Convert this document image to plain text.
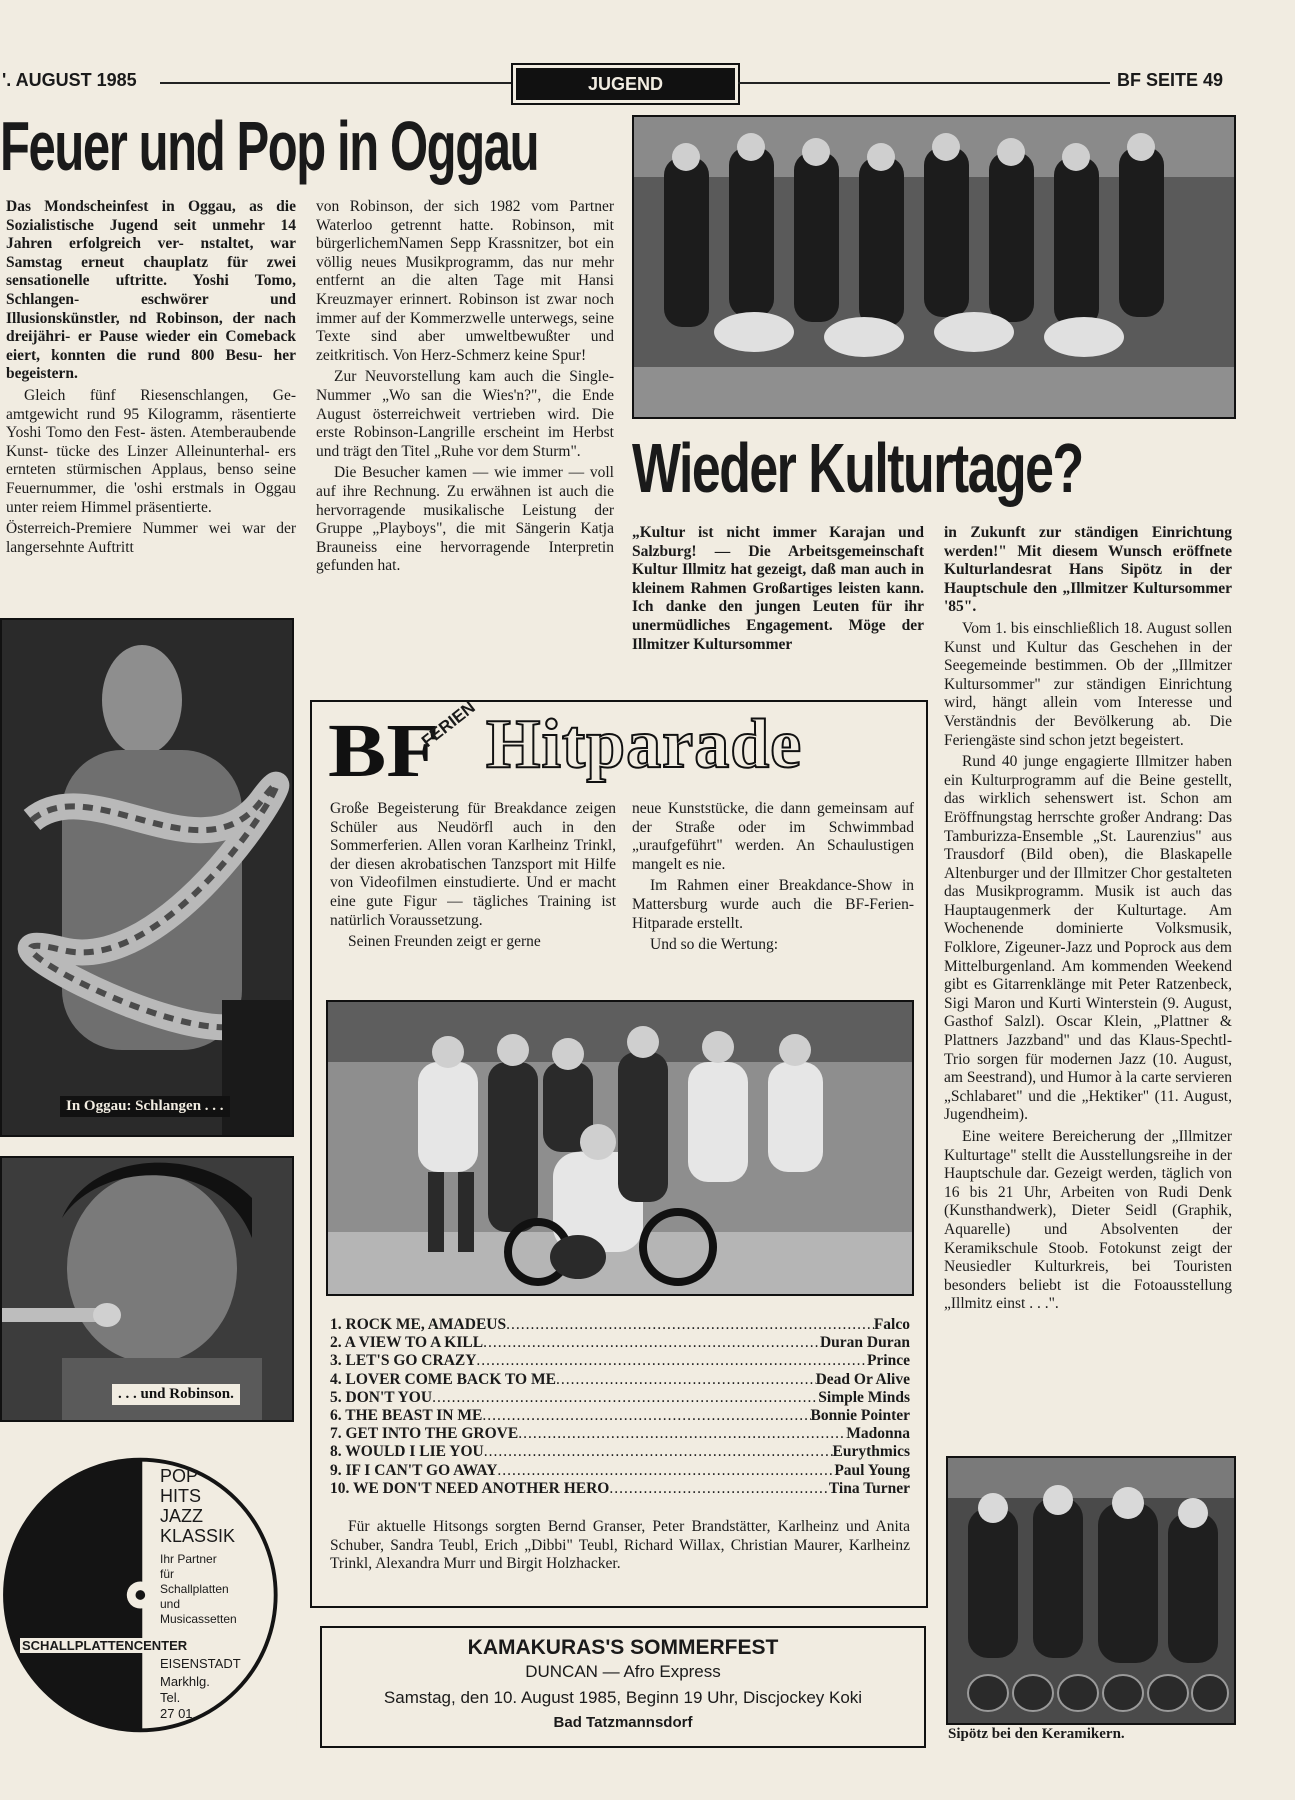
'. AUGUST 1985	JUGEND	BF SEITE 49
Feuer und Pop in Oggau

Das Mondscheinfest in Oggau, as die Sozialistische Jugend seit unmehr 14 Jahren erfolgreich ver- nstaltet, war Samstag erneut chauplatz für zwei sensationelle uftritte. Yoshi Tomo, Schlangen- eschwörer und Illusionskünstler, nd Robinson, der nach dreijähri- er Pause wieder ein Comeback eiert, konnten die rund 800 Besu- her begeistern.

Gleich fünf Riesenschlangen, Ge- amtgewicht rund 95 Kilogramm, räsentierte Yoshi Tomo den Fest- ästen. Atemberaubende Kunst- tücke des Linzer Alleinunterhal- ers ernteten stürmischen Applaus, benso seine Feuernummer, die 'oshi erstmals in Oggau unter reiem Himmel präsentierte.

Österreich-Premiere Nummer wei war der langersehnte Auftritt

von Robinson, der sich 1982 vom Partner Waterloo getrennt hatte. Robinson, mit bürgerlichemNamen Sepp Krassnitzer, bot ein völlig neues Musikprogramm, das nur mehr entfernt an die alten Tage mit Hansi Kreuzmayer erinnert. Robinson ist zwar noch immer auf der Kommerzwelle unterwegs, seine Texte sind aber umweltbewußter und zeitkritisch. Von Herz-Schmerz keine Spur!

Zur Neuvorstellung kam auch die Single-Nummer „Wo san die Wies'n?", die Ende August österreichweit vertrieben wird. Die erste Robinson-Langrille erscheint im Herbst und trägt den Titel „Ruhe vor dem Sturm".

Die Besucher kamen — wie immer — voll auf ihre Rechnung. Zu erwähnen ist auch die hervorragende musikalische Leistung der Gruppe „Playboys", die mit Sängerin Katja Brauneiss eine hervorragende Interpretin gefunden hat.

In Oggau: Schlangen . . .
. . . und Robinson.
POP
HITS
JAZZ
KLASSIK
Ihr Partner
für
Schallplatten
und
Musicassetten
SCHALLPLATTENCENTER
EISENSTADT
Markhlg.
Tel.
27 01
Wieder Kulturtage?
„Kultur ist nicht immer Karajan und Salzburg! — Die Arbeitsgemeinschaft Kultur Illmitz hat gezeigt, daß man auch in kleinem Rahmen Großartiges leisten kann. Ich danke den jungen Leuten für ihr unermüdliches Engagement. Möge der Illmitzer Kultursommer

in Zukunft zur ständigen Einrichtung werden!" Mit diesem Wunsch eröffnete Kulturlandesrat Hans Sipötz in der Hauptschule den „Illmitzer Kultursommer '85".

Vom 1. bis einschließlich 18. August sollen Kunst und Kultur das Geschehen in der Seegemeinde bestimmen. Ob der „Illmitzer Kultursommer" zur ständigen Einrichtung wird, hängt allein vom Interesse und Verständnis der Bevölkerung ab. Die Feriengäste sind schon jetzt begeistert.

Rund 40 junge engagierte Illmitzer haben ein Kulturprogramm auf die Beine gestellt, das wirklich sehenswert ist. Schon am Eröffnungstag herrschte großer Andrang: Das Tamburizza-Ensemble „St. Laurenzius" aus Trausdorf (Bild oben), die Blaskapelle Altenburger und der Illmitzer Chor gestalteten das Musikprogramm. Musik ist auch das Hauptaugenmerk der Kulturtage. Am Wochenende dominierte Volksmusik, Folklore, Zigeuner-Jazz und Poprock aus dem Mittelburgenland. Am kommenden Weekend gibt es Gitarrenklänge mit Peter Ratzenbeck, Sigi Maron und Kurti Winterstein (9. August, Gasthof Salzl). Oscar Klein, „Plattner & Plattners Jazzband" und das Klaus-Spechtl-Trio sorgen für modernen Jazz (10. August, am Seestrand), und Humor à la carte servieren „Schlabaret" und die „Hektiker" (11. August, Jugendheim).

Eine weitere Bereicherung der „Illmitzer Kulturtage" stellt die Ausstellungsreihe in der Hauptschule dar. Gezeigt werden, täglich von 16 bis 21 Uhr, Arbeiten von Rudi Denk (Kunsthandwerk), Dieter Seidl (Graphik, Aquarelle) und Absolventen der Keramikschule Stoob. Fotokunst zeigt der Neusiedler Kulturkreis, bei Touristen besonders beliebt ist die Fotoausstellung „Illmitz einst . . .".

Sipötz bei den Keramikern.
BF
FERIEN Hitparade

Große Begeisterung für Breakdance zeigen Schüler aus Neudörfl auch in den Sommerferien. Allen voran Karlheinz Trinkl, der diesen akrobatischen Tanzsport mit Hilfe von Videofilmen einstudierte. Und er macht eine gute Figur — tägliches Training ist natürlich Voraussetzung.

Seinen Freunden zeigt er gerne

neue Kunststücke, die dann gemeinsam auf der Straße oder im Schwimmbad „uraufgeführt" werden. An Schaulustigen mangelt es nie.

Im Rahmen einer Breakdance-Show in Mattersburg wurde auch die BF-Ferien-Hitparade erstellt.

Und so die Wertung:

1. ROCK ME, AMADEUS .....	Falco
2. A VIEW TO A KILL .....	Duran Duran
3. LET'S GO CRAZY .....	Prince
4. LOVER COME BACK TO ME .....	Dead Or Alive
5. DON'T YOU .....	Simple Minds
6. THE BEAST IN ME .....	Bonnie Pointer
7. GET INTO THE GROVE .....	Madonna
8. WOULD I LIE YOU .....	Eurythmics
9. IF I CAN'T GO AWAY .....	Paul Young
10. WE DON'T NEED ANOTHER HERO .....	Tina Turner

Für aktuelle Hitsongs sorgten Bernd Granser, Peter Brandstätter, Karlheinz und Anita Schuber, Sandra Teubl, Erich „Dibbi" Teubl, Richard Willax, Christian Maurer, Karlheinz Trinkl, Alexandra Murr und Birgit Holzhacker.

KAMAKURAS'S SOMMERFEST
DUNCAN — Afro Express
Samstag, den 10. August 1985, Beginn 19 Uhr, Discjockey Koki
Bad Tatzmannsdorf
